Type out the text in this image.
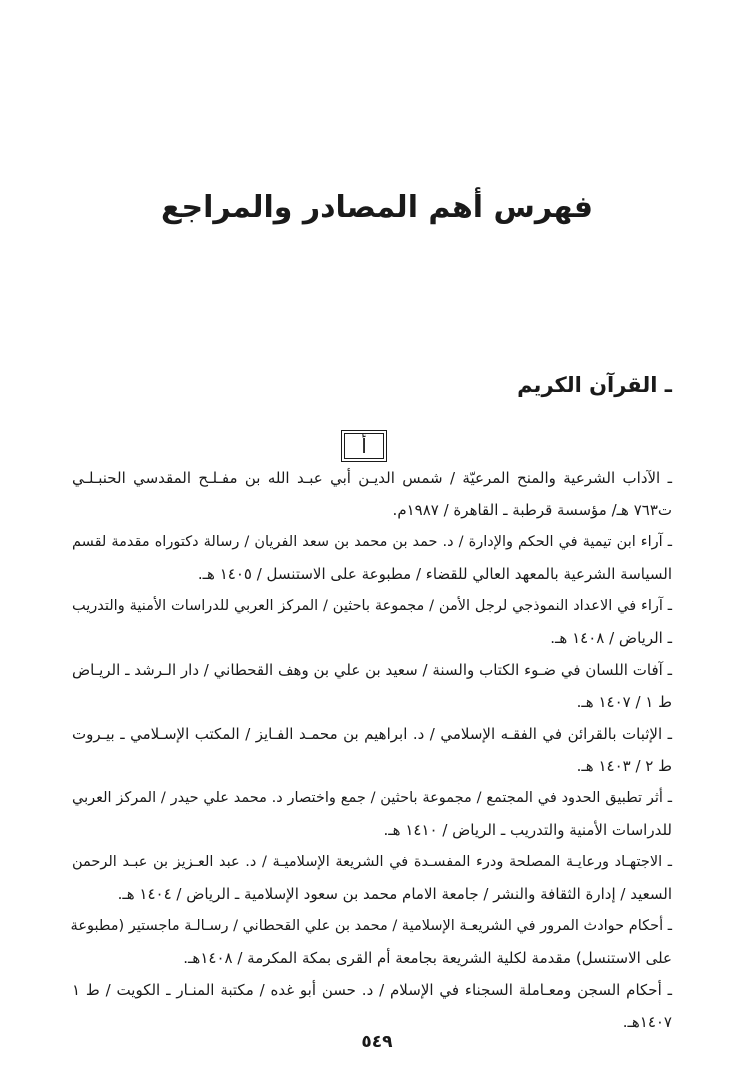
فهرس أهم المصادر والمراجع
ـ القرآن الكريم
أ
ـ الآداب الشرعية والمنح المرعيّة / شمس الديـن أبي عبـد الله بن مفـلـح المقدسي الحنبـلـي
ت٧٦٣ هـ/ مؤسسة قرطبة ـ القاهرة / ١٩٨٧م.
ـ آراء ابن تيمية في الحكم والإدارة / د. حمد بن محمد بن سعد الفريان / رسالة دكتوراه مقدمة لقسم
السياسة الشرعية بالمعهد العالي للقضاء / مطبوعة على الاستنسل / ١٤٠٥ هـ.
ـ آراء في الاعداد النموذجي لرجل الأمن / مجموعة باحثين / المركز العربي للدراسات الأمنية والتدريب
ـ الرياض / ١٤٠٨ هـ.
ـ آفات اللسان في ضـوء الكتاب والسنة / سعيد بن علي بن وهف القحطاني / دار الـرشد ـ الريـاض
ط ١ / ١٤٠٧ هـ.
ـ الإثبات بالقرائن في الفقـه الإسلامي / د. ابراهيم بن محمـد الفـايز / المكتب الإسـلامي ـ بيـروت
ط ٢ / ١٤٠٣ هـ.
ـ أثر تطبيق الحدود في المجتمع / مجموعة باحثين / جمع واختصار د. محمد علي حيدر / المركز العربي
للدراسات الأمنية والتدريب ـ الرياض / ١٤١٠ هـ.
ـ الاجتهـاد ورعايـة المصلحة ودرء المفسـدة في الشريعة الإسلاميـة / د. عبد العـزيز بن عبـد الرحمن
السعيد / إدارة الثقافة والنشر / جامعة الامام محمد بن سعود الإسلامية ـ الرياض / ١٤٠٤ هـ.
ـ أحكام حوادث المرور في الشريعـة الإسلامية / محمد بن علي القحطاني / رسـالـة ماجستير (مطبوعة
على الاستنسل) مقدمة لكلية الشريعة بجامعة أم القرى بمكة المكرمة / ١٤٠٨هـ.
ـ أحكام السجن ومعـاملة السجناء في الإسلام / د. حسن أبو غده / مكتبة المنـار ـ الكويت / ط ١
١٤٠٧هـ.
٥٤٩
